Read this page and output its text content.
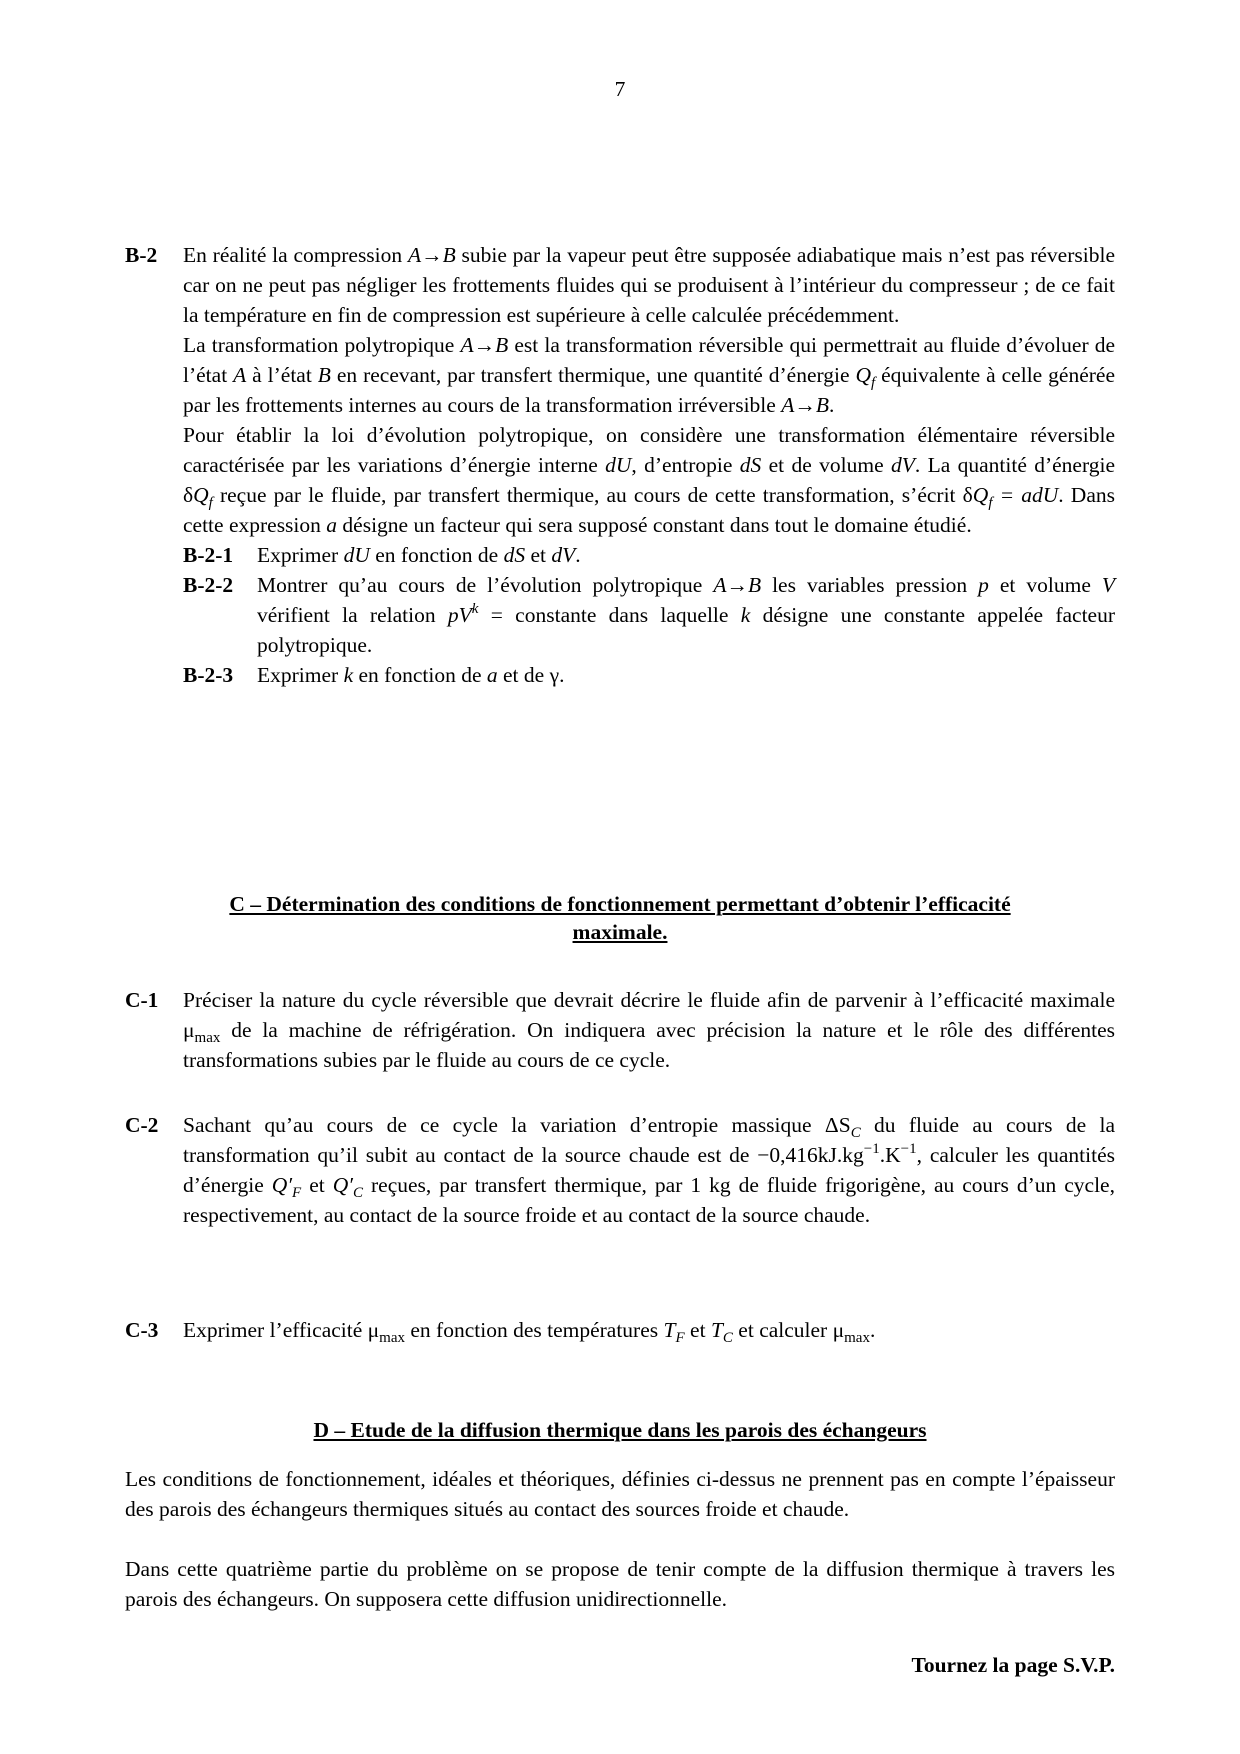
7
B-2	En réalité la compression A→B subie par la vapeur peut être supposée adiabatique mais n’est pas réversible car on ne peut pas négliger les frottements fluides qui se produisent à l’intérieur du compresseur ; de ce fait la température en fin de compression est supérieure à celle calculée précédemment.
La transformation polytropique A→B est la transformation réversible qui permettrait au fluide d’évoluer de l’état A à l’état B en recevant, par transfert thermique, une quantité d’énergie $Q_f$ équivalente à celle générée par les frottements internes au cours de la transformation irréversible A→B.
Pour établir la loi d’évolution polytropique, on considère une transformation élémentaire réversible caractérisée par les variations d’énergie interne dU, d’entropie dS et de volume dV. La quantité d’énergie $\delta Q_f$ reçue par le fluide, par transfert thermique, au cours de cette transformation, s’écrit $\delta Q_f$ = adU. Dans cette expression a désigne un facteur qui sera supposé constant dans tout le domaine étudié.
B-2-1 Exprimer dU en fonction de dS et dV.
B-2-2	Montrer qu’au cours de l’évolution polytropique A→B les variables pression p et volume V vérifient la relation $pV^k$ = constante dans laquelle k désigne une constante appelée facteur polytropique.
B-2-3 Exprimer k en fonction de a et de γ.
C – Détermination des conditions de fonctionnement permettant d’obtenir l’efficacité
maximale.
C-1	Préciser la nature du cycle réversible que devrait décrire le fluide afin de parvenir à l’efficacité maximale $\mu_{max}$ de la machine de réfrigération. On indiquera avec précision la nature et le rôle des différentes transformations subies par le fluide au cours de ce cycle.
C-2	Sachant qu’au cours de ce cycle la variation d’entropie massique $\Delta S_C$ du fluide au cours de la transformation qu’il subit au contact de la source chaude est de $-0,416kJ.kg^{-1}.K^{-1}$, calculer les quantités d’énergie $Q'_F$ et $Q'_C$ reçues, par transfert thermique, par 1 kg de fluide frigorigène, au cours d’un cycle, respectivement, au contact de la source froide et au contact de la source chaude.
C-3	Exprimer l’efficacité $\mu_{max}$ en fonction des températures $T_F$ et $T_C$ et calculer $\mu_{max}$.
D – Etude de la diffusion thermique dans les parois des échangeurs
Les conditions de fonctionnement, idéales et théoriques, définies ci-dessus ne prennent pas en compte l’épaisseur des parois des échangeurs thermiques situés au contact des sources froide et chaude.
Dans cette quatrième partie du problème on se propose de tenir compte de la diffusion thermique à travers les parois des échangeurs. On supposera cette diffusion unidirectionnelle.
Tournez la page S.V.P.
